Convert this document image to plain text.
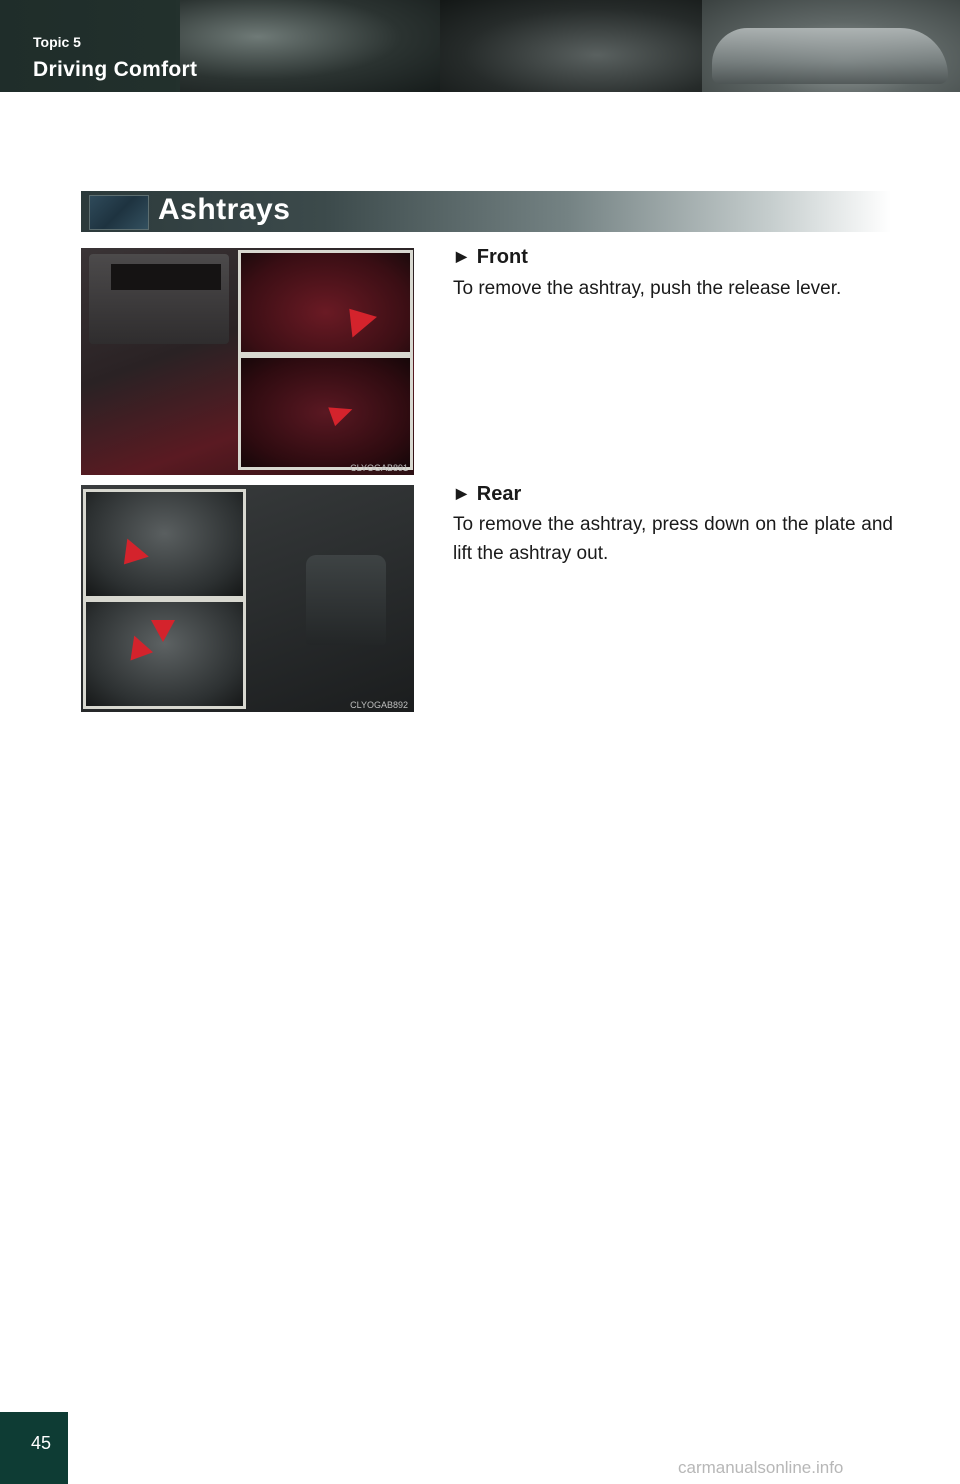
Topic 5
Driving Comfort
Ashtrays
CLYOGAB891
▶ Front
To remove the ashtray, push the release lever.
CLYOGAB892
▶ Rear
To remove the ashtray, press down on the plate and lift the ashtray out.
45
carmanualsonline.info
